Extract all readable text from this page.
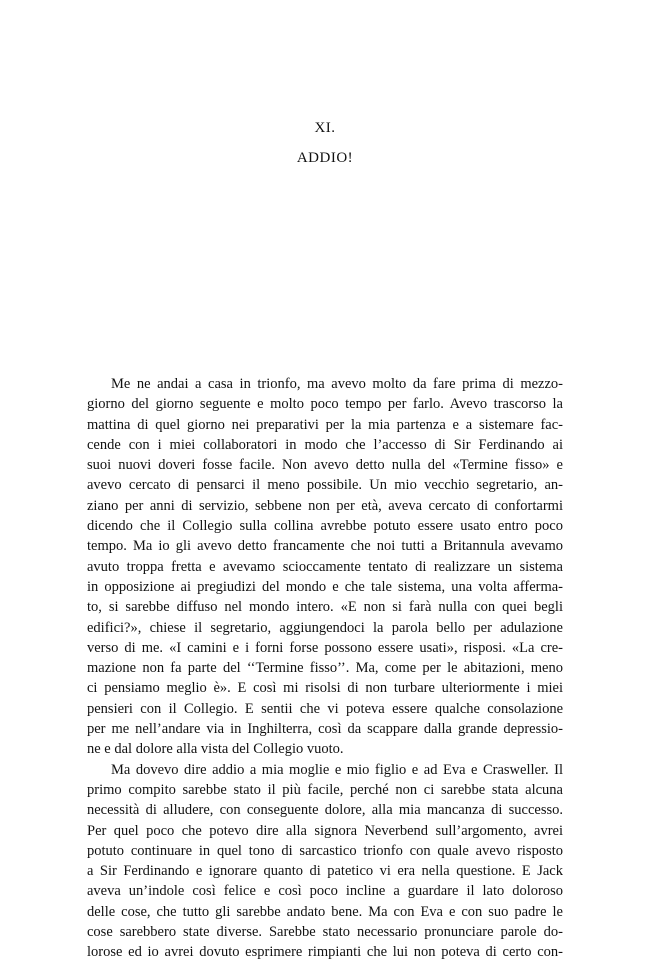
XI.
ADDIO!
Me ne andai a casa in trionfo, ma avevo molto da fare prima di mezzo-
giorno del giorno seguente e molto poco tempo per farlo. Avevo trascorso la
mattina di quel giorno nei preparativi per la mia partenza e a sistemare fac-
cende con i miei collaboratori in modo che l’accesso di Sir Ferdinando ai
suoi nuovi doveri fosse facile. Non avevo detto nulla del «Termine fisso» e
avevo cercato di pensarci il meno possibile. Un mio vecchio segretario, an-
ziano per anni di servizio, sebbene non per età, aveva cercato di confortarmi
dicendo che il Collegio sulla collina avrebbe potuto essere usato entro poco
tempo. Ma io gli avevo detto francamente che noi tutti a Britannula avevamo
avuto troppa fretta e avevamo scioccamente tentato di realizzare un sistema
in opposizione ai pregiudizi del mondo e che tale sistema, una volta afferma-
to, si sarebbe diffuso nel mondo intero. «E non si farà nulla con quei begli
edifici?», chiese il segretario, aggiungendoci la parola bello per adulazione
verso di me. «I camini e i forni forse possono essere usati», risposi. «La cre-
mazione non fa parte del ‘‘Termine fisso’’. Ma, come per le abitazioni, meno
ci pensiamo meglio è». E così mi risolsi di non turbare ulteriormente i miei
pensieri con il Collegio. E sentii che vi poteva essere qualche consolazione
per me nell’andare via in Inghilterra, così da scappare dalla grande depressio-
ne e dal dolore alla vista del Collegio vuoto.
Ma dovevo dire addio a mia moglie e mio figlio e ad Eva e Crasweller. Il
primo compito sarebbe stato il più facile, perché non ci sarebbe stata alcuna
necessità di alludere, con conseguente dolore, alla mia mancanza di successo.
Per quel poco che potevo dire alla signora Neverbend sull’argomento, avrei
potuto continuare in quel tono di sarcastico trionfo con quale avevo risposto
a Sir Ferdinando e ignorare quanto di patetico vi era nella questione. E Jack
aveva un’indole così felice e così poco incline a guardare il lato doloroso
delle cose, che tutto gli sarebbe andato bene. Ma con Eva e con suo padre le
cose sarebbero state diverse. Sarebbe stato necessario pronunciare parole do-
lorose ed io avrei dovuto esprimere rimpianti che lui non poteva di certo con-
